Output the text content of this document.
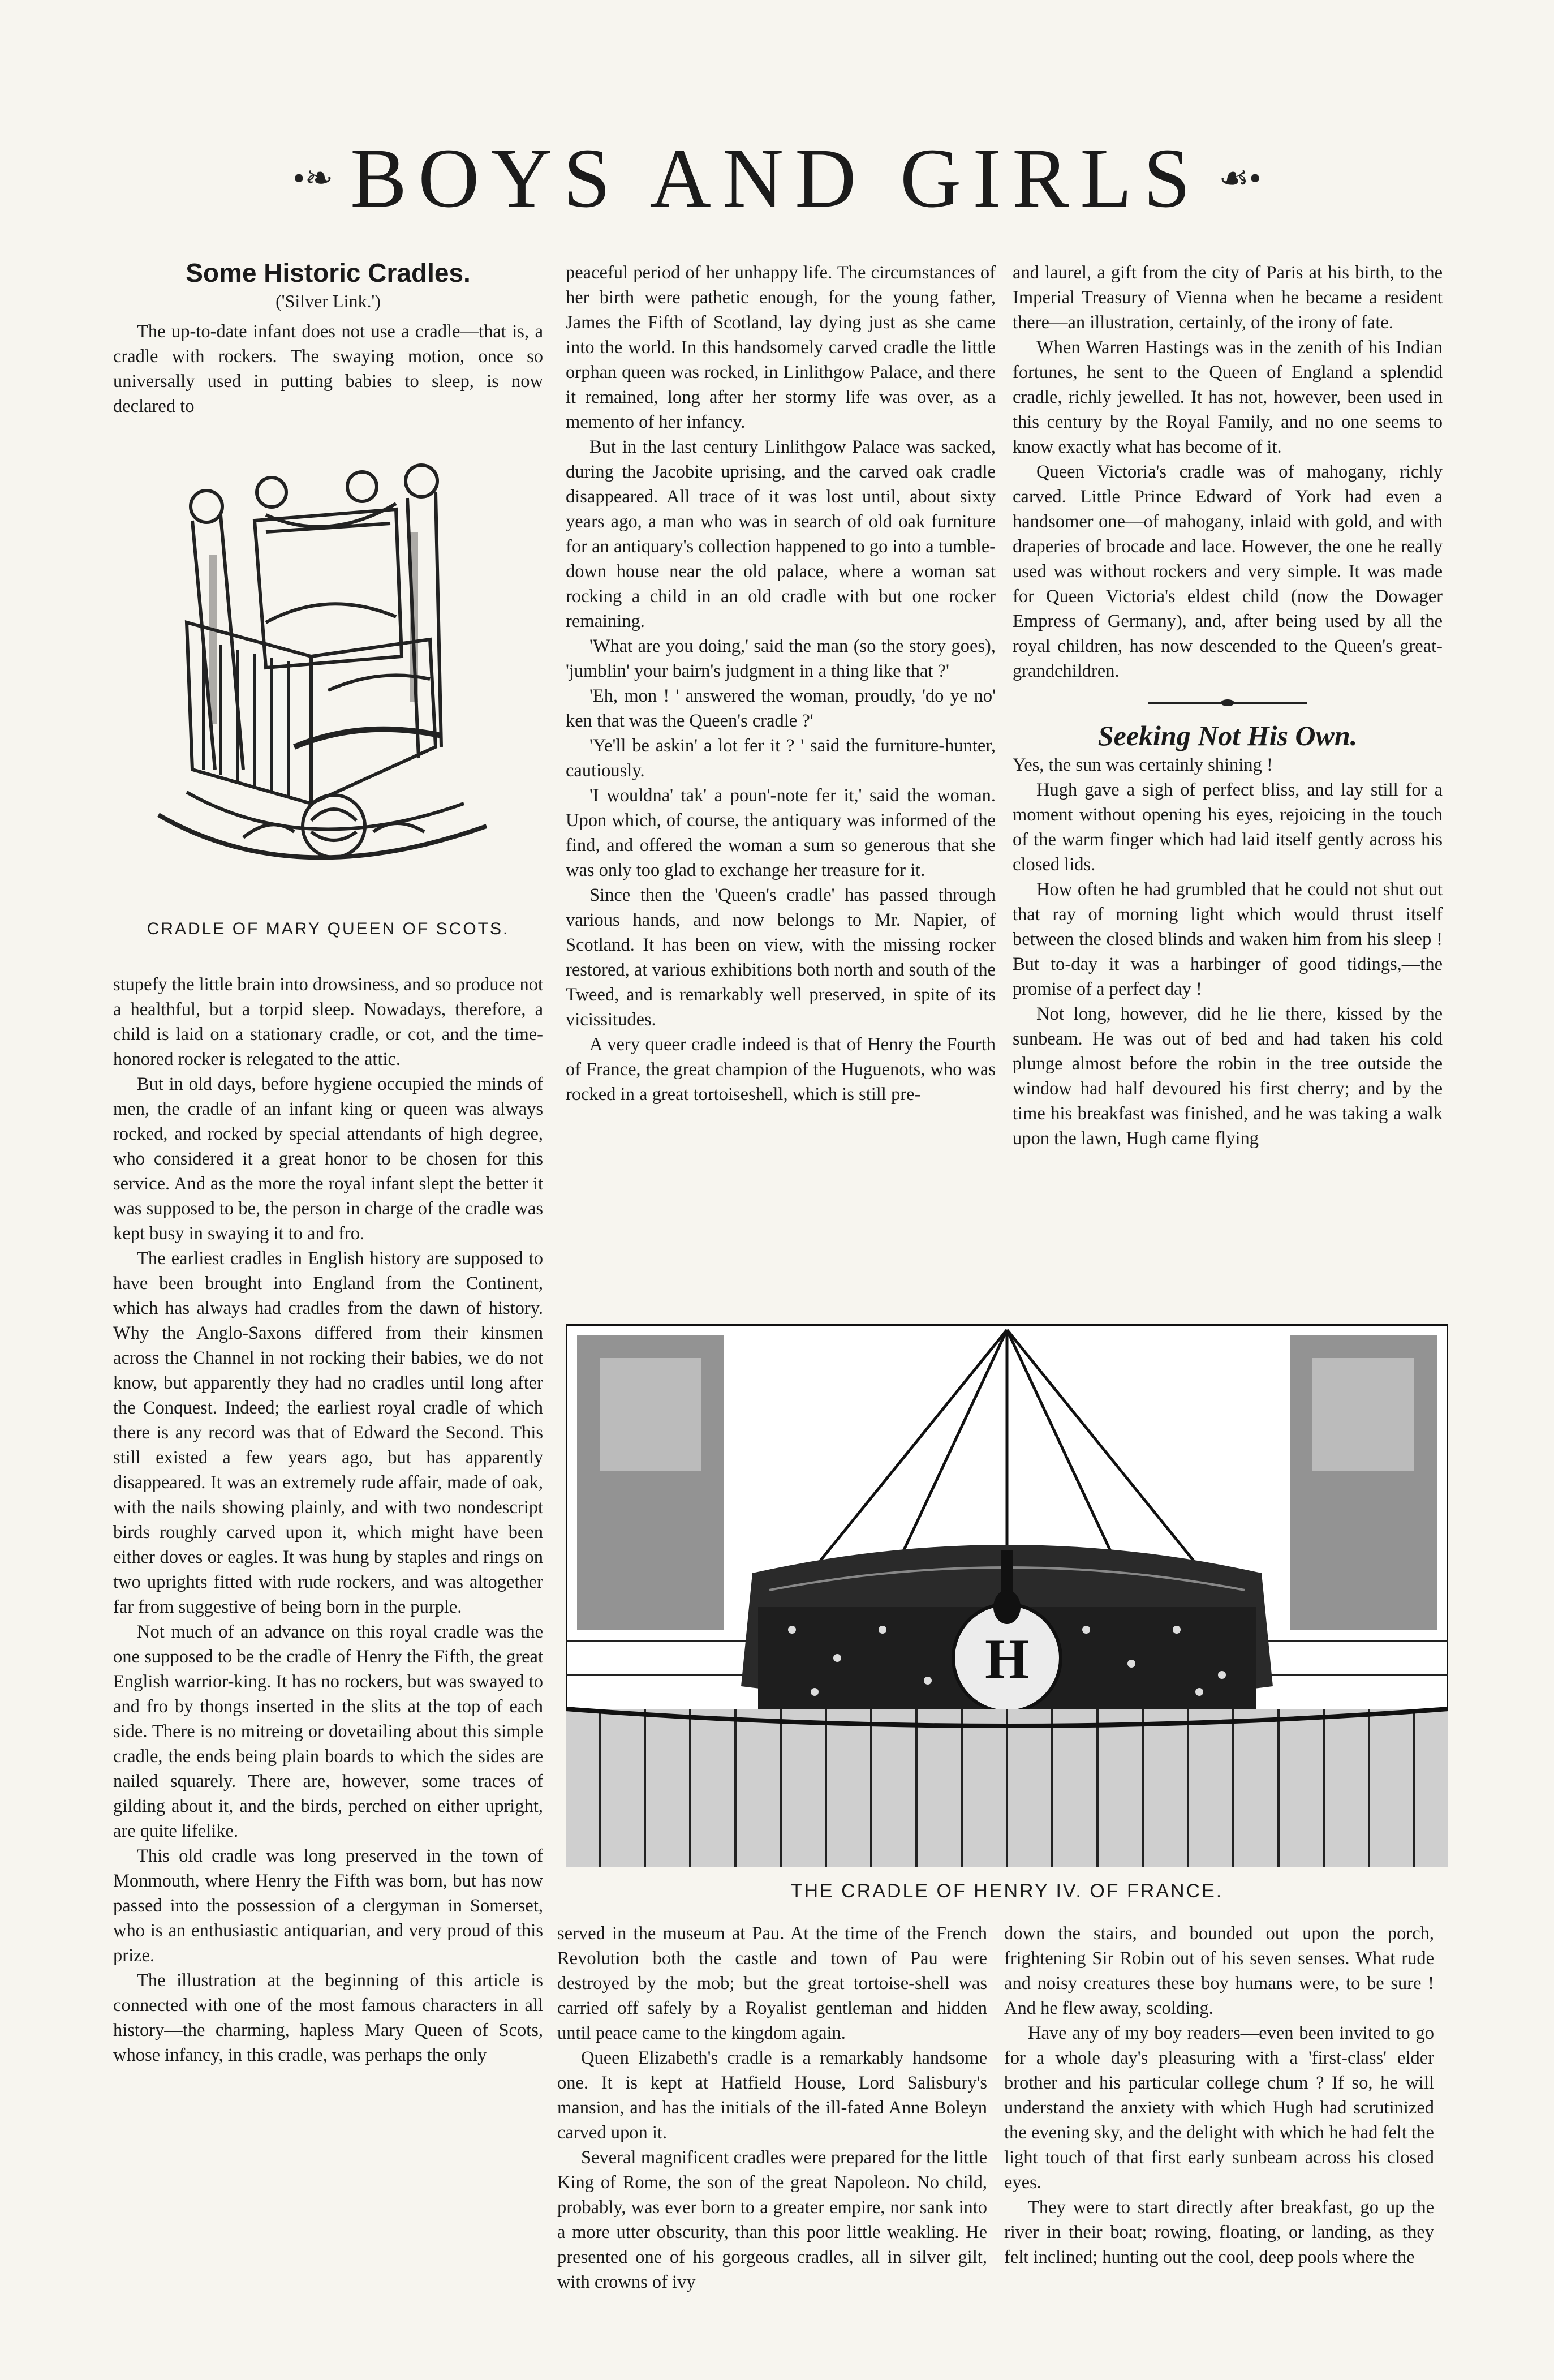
•❧ BOYS AND GIRLS ☙•
Some Historic Cradles.
('Silver Link.')

The up-to-date infant does not use a cradle—that is, a cradle with rockers. The swaying motion, once so universally used in putting babies to sleep, is now declared to

CRADLE OF MARY QUEEN OF SCOTS.

stupefy the little brain into drowsiness, and so produce not a healthful, but a torpid sleep. Nowadays, therefore, a child is laid on a stationary cradle, or cot, and the time-honored rocker is relegated to the attic.

But in old days, before hygiene occupied the minds of men, the cradle of an infant king or queen was always rocked, and rocked by special attendants of high degree, who considered it a great honor to be chosen for this service. And as the more the royal infant slept the better it was supposed to be, the person in charge of the cradle was kept busy in swaying it to and fro.

The earliest cradles in English history are supposed to have been brought into England from the Continent, which has always had cradles from the dawn of history. Why the Anglo-Saxons differed from their kinsmen across the Channel in not rocking their babies, we do not know, but apparently they had no cradles until long after the Conquest. Indeed; the earliest royal cradle of which there is any record was that of Edward the Second. This still existed a few years ago, but has apparently disappeared. It was an extremely rude affair, made of oak, with the nails showing plainly, and with two nondescript birds roughly carved upon it, which might have been either doves or eagles. It was hung by staples and rings on two uprights fitted with rude rockers, and was altogether far from suggestive of being born in the purple.

Not much of an advance on this royal cradle was the one supposed to be the cradle of Henry the Fifth, the great English warrior-king. It has no rockers, but was swayed to and fro by thongs inserted in the slits at the top of each side. There is no mitreing or dovetailing about this simple cradle, the ends being plain boards to which the sides are nailed squarely. There are, however, some traces of gilding about it, and the birds, perched on either upright, are quite lifelike.

This old cradle was long preserved in the town of Monmouth, where Henry the Fifth was born, but has now passed into the possession of a clergyman in Somerset, who is an enthusiastic antiquarian, and very proud of this prize.

The illustration at the beginning of this article is connected with one of the most famous characters in all history—the charming, hapless Mary Queen of Scots, whose infancy, in this cradle, was perhaps the only

peaceful period of her unhappy life. The circumstances of her birth were pathetic enough, for the young father, James the Fifth of Scotland, lay dying just as she came into the world. In this handsomely carved cradle the little orphan queen was rocked, in Linlithgow Palace, and there it remained, long after her stormy life was over, as a memento of her infancy.

But in the last century Linlithgow Palace was sacked, during the Jacobite uprising, and the carved oak cradle disappeared. All trace of it was lost until, about sixty years ago, a man who was in search of old oak furniture for an antiquary's collection happened to go into a tumble-down house near the old palace, where a woman sat rocking a child in an old cradle with but one rocker remaining.

'What are you doing,' said the man (so the story goes), 'jumblin' your bairn's judgment in a thing like that ?'

'Eh, mon ! ' answered the woman, proudly, 'do ye no' ken that was the Queen's cradle ?'

'Ye'll be askin' a lot fer it ? ' said the furniture-hunter, cautiously.

'I wouldna' tak' a poun'-note fer it,' said the woman. Upon which, of course, the antiquary was informed of the find, and offered the woman a sum so generous that she was only too glad to exchange her treasure for it.

Since then the 'Queen's cradle' has passed through various hands, and now belongs to Mr. Napier, of Scotland. It has been on view, with the missing rocker restored, at various exhibitions both north and south of the Tweed, and is remarkably well preserved, in spite of its vicissitudes.

A very queer cradle indeed is that of Henry the Fourth of France, the great champion of the Huguenots, who was rocked in a great tortoiseshell, which is still pre-

and laurel, a gift from the city of Paris at his birth, to the Imperial Treasury of Vienna when he became a resident there—an illustration, certainly, of the irony of fate.

When Warren Hastings was in the zenith of his Indian fortunes, he sent to the Queen of England a splendid cradle, richly jewelled. It has not, however, been used in this century by the Royal Family, and no one seems to know exactly what has become of it.

Queen Victoria's cradle was of mahogany, richly carved. Little Prince Edward of York had even a handsomer one—of mahogany, inlaid with gold, and with draperies of brocade and lace. However, the one he really used was without rockers and very simple. It was made for Queen Victoria's eldest child (now the Dowager Empress of Germany), and, after being used by all the royal children, has now descended to the Queen's great-grandchildren.

Seeking Not His Own.

Yes, the sun was certainly shining !

Hugh gave a sigh of perfect bliss, and lay still for a moment without opening his eyes, rejoicing in the touch of the warm finger which had laid itself gently across his closed lids.

How often he had grumbled that he could not shut out that ray of morning light which would thrust itself between the closed blinds and waken him from his sleep ! But to-day it was a harbinger of good tidings,—the promise of a perfect day !

Not long, however, did he lie there, kissed by the sunbeam. He was out of bed and had taken his cold plunge almost before the robin in the tree outside the window had half devoured his first cherry; and by the time his breakfast was finished, and he was taking a walk upon the lawn, Hugh came flying

H
THE CRADLE OF HENRY IV. OF FRANCE.

served in the museum at Pau. At the time of the French Revolution both the castle and town of Pau were destroyed by the mob; but the great tortoise-shell was carried off safely by a Royalist gentleman and hidden until peace came to the kingdom again.

Queen Elizabeth's cradle is a remarkably handsome one. It is kept at Hatfield House, Lord Salisbury's mansion, and has the initials of the ill-fated Anne Boleyn carved upon it.

Several magnificent cradles were prepared for the little King of Rome, the son of the great Napoleon. No child, probably, was ever born to a greater empire, nor sank into a more utter obscurity, than this poor little weakling. He presented one of his gorgeous cradles, all in silver gilt, with crowns of ivy

down the stairs, and bounded out upon the porch, frightening Sir Robin out of his seven senses. What rude and noisy creatures these boy humans were, to be sure ! And he flew away, scolding.

Have any of my boy readers—even been invited to go for a whole day's pleasuring with a 'first-class' elder brother and his particular college chum ? If so, he will understand the anxiety with which Hugh had scrutinized the evening sky, and the delight with which he had felt the light touch of that first early sunbeam across his closed eyes.

They were to start directly after breakfast, go up the river in their boat; rowing, floating, or landing, as they felt inclined; hunting out the cool, deep pools where the
